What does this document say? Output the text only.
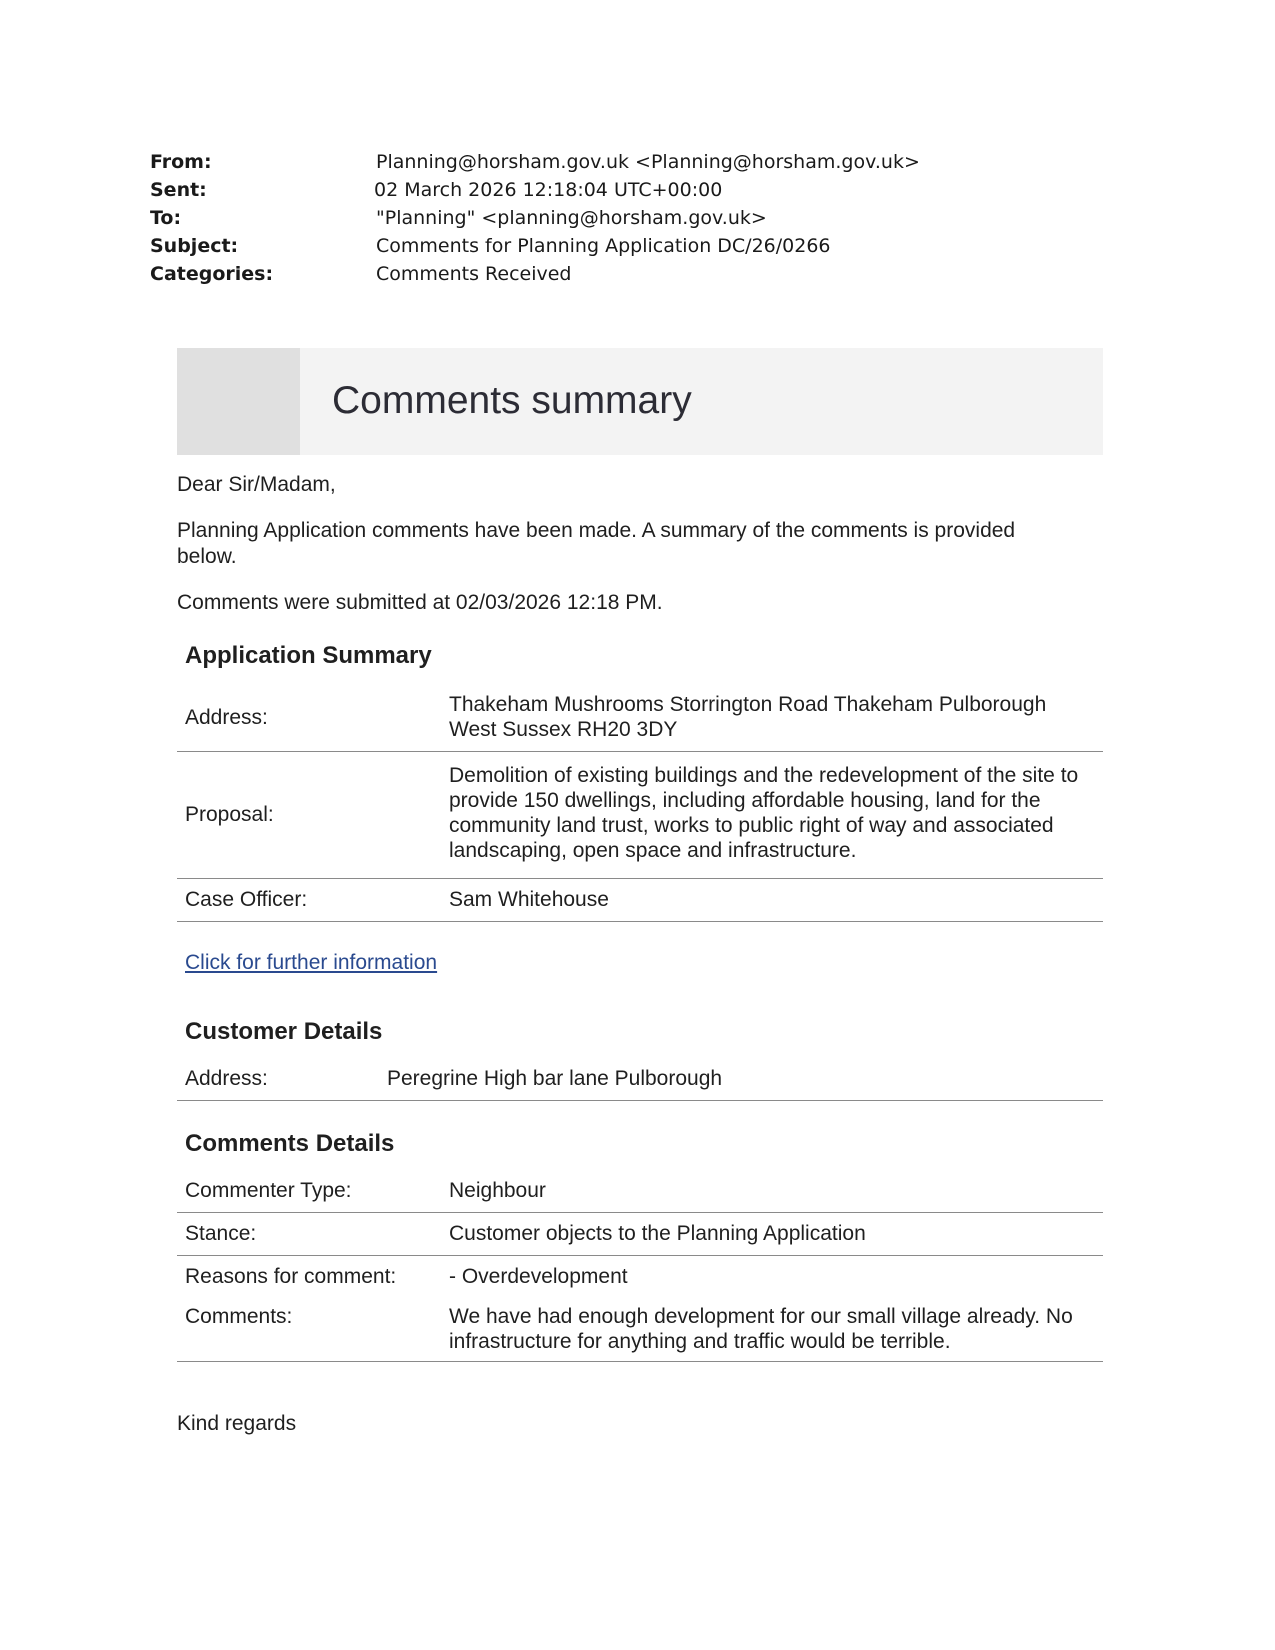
From:	Planning@horsham.gov.uk <Planning@horsham.gov.uk>
Sent:	02 March 2026 12:18:04 UTC+00:00
To:	"Planning" <planning@horsham.gov.uk>
Subject:	Comments for Planning Application DC/26/0266
Categories:	Comments Received
Comments summary
Dear Sir/Madam,
Planning Application comments have been made. A summary of the comments is provided below.
Comments were submitted at 02/03/2026 12:18 PM.
Application Summary
Address:
Thakeham Mushrooms Storrington Road Thakeham Pulborough West Sussex RH20 3DY
Proposal:
Demolition of existing buildings and the redevelopment of the site to provide 150 dwellings, including affordable housing, land for the community land trust, works to public right of way and associated landscaping, open space and infrastructure.
Case Officer:	Sam Whitehouse
Click for further information
Customer Details
Address:	Peregrine High bar lane Pulborough
Comments Details
Commenter Type:	Neighbour
Stance:	Customer objects to the Planning Application
Reasons for comment:	- Overdevelopment
Comments:	We have had enough development for our small village already. No infrastructure for anything and traffic would be terrible.
Kind regards
